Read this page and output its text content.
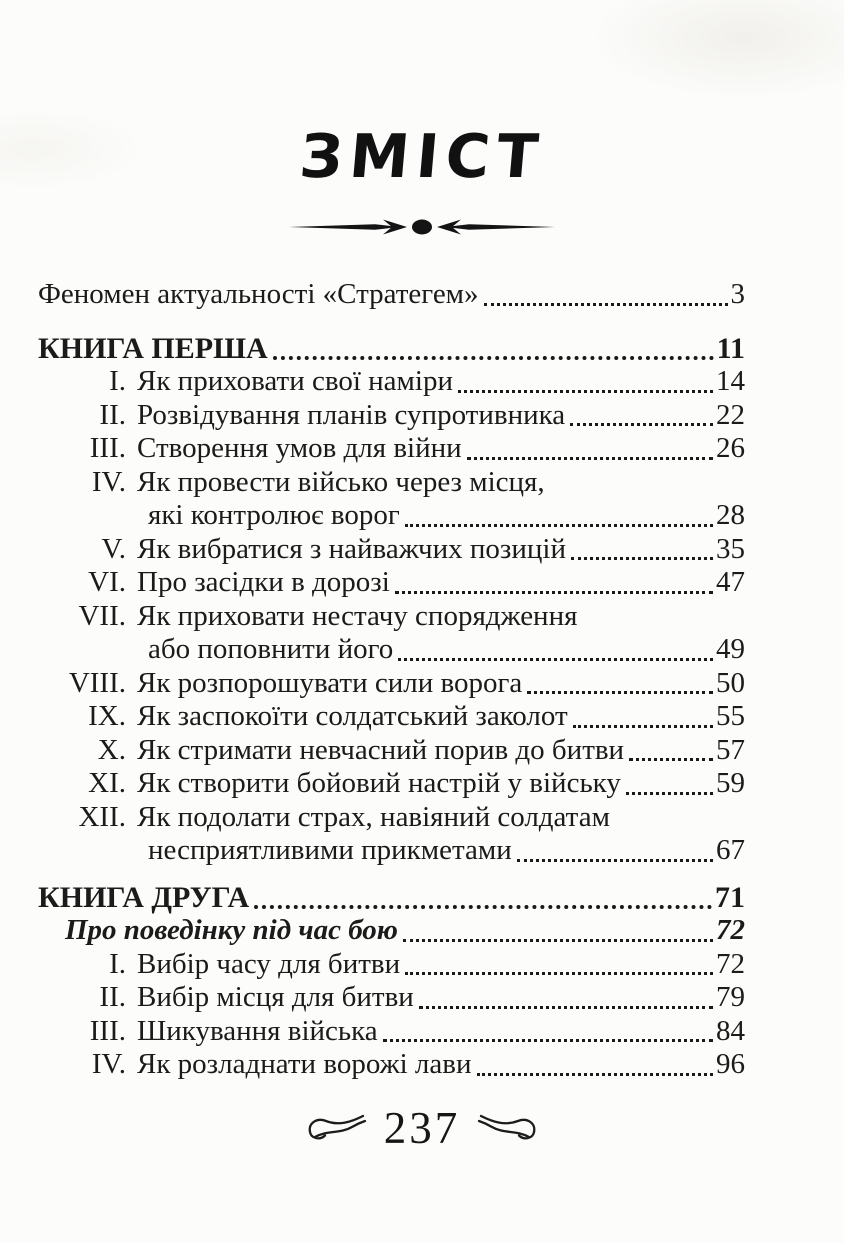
ЗМІСТ
Феномен актуальності «Стратегем»	3
КНИГА ПЕРША	11
I. Як приховати свої наміри	14
II. Розвідування планів супротивника	22
III. Створення умов для війни	26
IV. Як провести військо через місця,
які контролює ворог	28
V. Як вибратися з найважчих позицій	35
VI. Про засідки в дорозі	47
VII. Як приховати нестачу спорядження
або поповнити його	49
VIII. Як розпорошувати сили ворога	50
IX. Як заспокоїти солдатський заколот	55
X. Як стримати невчасний порив до битви	57
XI. Як створити бойовий настрій у війську	59
XII. Як подолати страх, навіяний солдатам
несприятливими прикметами	67
КНИГА ДРУГА	71
Про поведінку під час бою	72
I. Вибір часу для битви	72
II. Вибір місця для битви	79
III. Шикування війська	84
IV. Як розладнати ворожі лави	96
237
